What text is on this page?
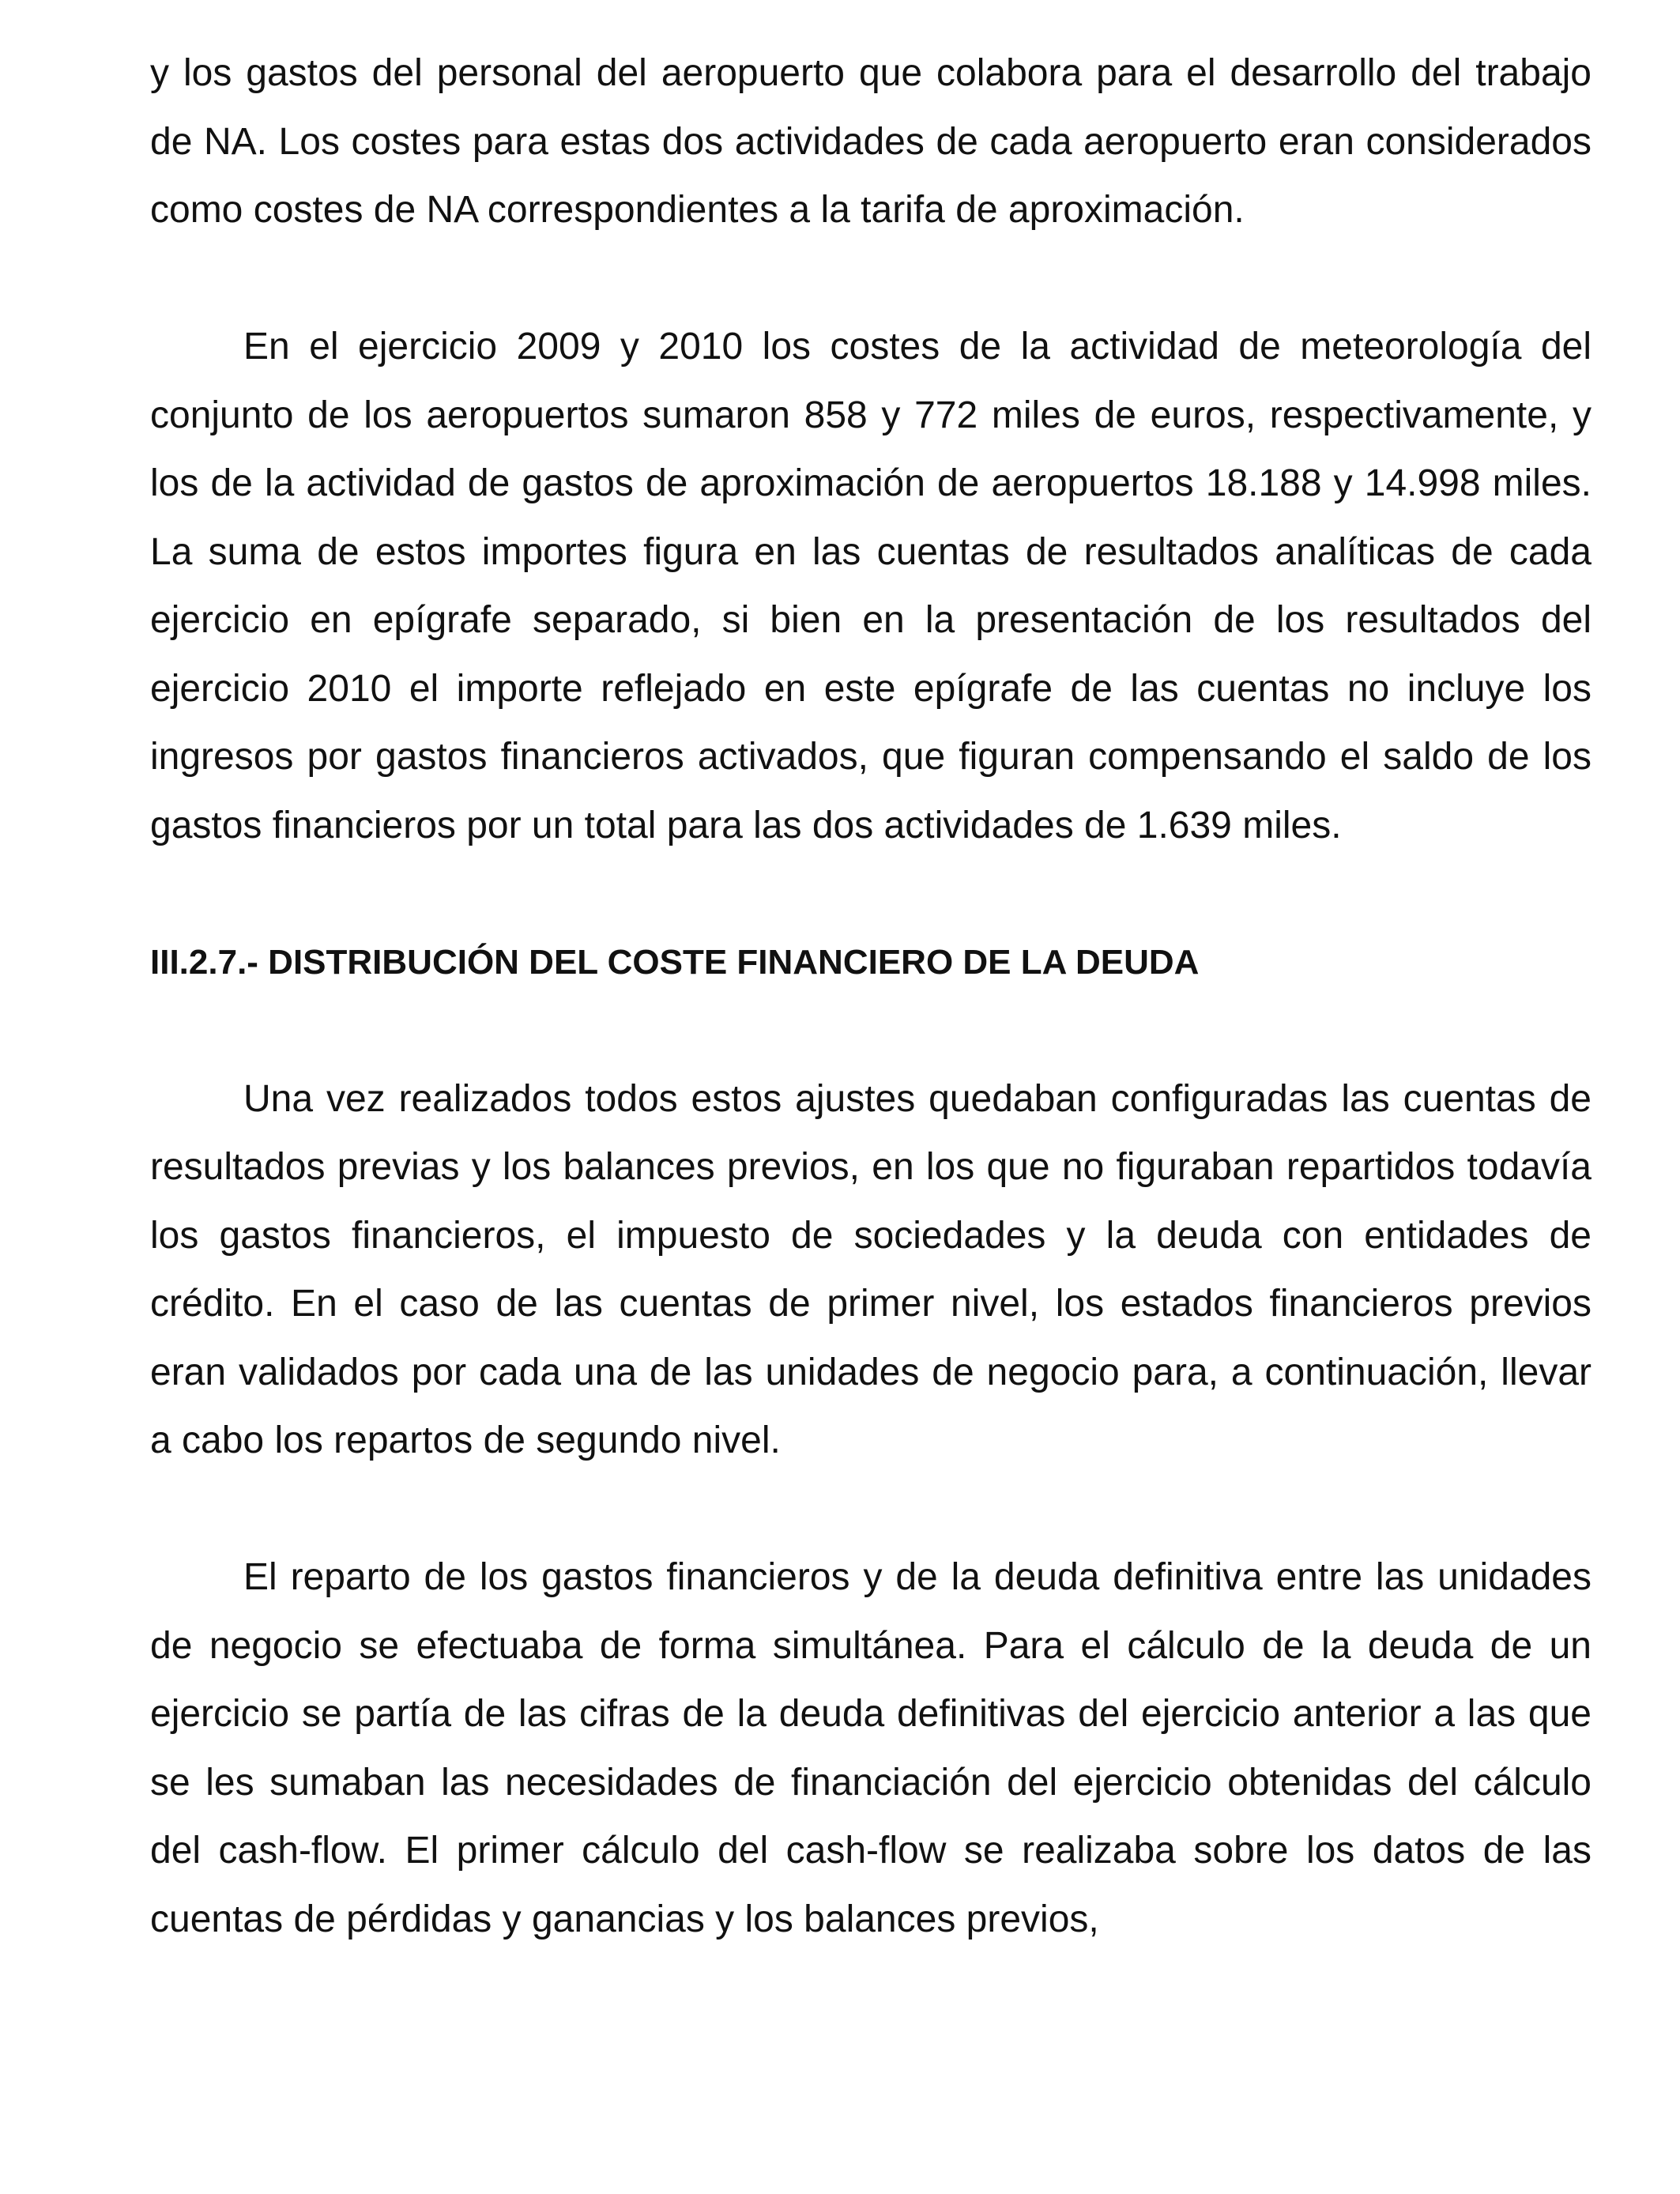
y los gastos del personal del aeropuerto que colabora para el desarrollo del trabajo de NA. Los costes para estas dos actividades de cada aeropuerto eran considerados como costes de NA correspondientes a la tarifa de aproximación.

En el ejercicio 2009 y 2010 los costes de la actividad de meteorología del conjunto de los aeropuertos sumaron 858 y 772 miles de euros, respectivamente, y los de la actividad de gastos de aproximación de aeropuertos 18.188 y 14.998 miles. La suma de estos importes figura en las cuentas de resultados analíticas de cada ejercicio en epígrafe separado, si bien en la presentación de los resultados del ejercicio 2010 el importe reflejado en este epígrafe de las cuentas no incluye los ingresos por gastos financieros activados, que figuran compensando el saldo de los gastos financieros por un total para las dos actividades de 1.639 miles.

III.2.7.- DISTRIBUCIÓN DEL COSTE FINANCIERO DE LA DEUDA

Una vez realizados todos estos ajustes quedaban configuradas las cuentas de resultados previas y los balances previos, en los que no figuraban repartidos todavía los gastos financieros, el impuesto de sociedades y la deuda con entidades de crédito. En el caso de las cuentas de primer nivel, los estados financieros previos eran validados por cada una de las unidades de negocio para, a continuación, llevar a cabo los repartos de segundo nivel.

El reparto de los gastos financieros y de la deuda definitiva entre las unidades de negocio se efectuaba de forma simultánea. Para el cálculo de la deuda de un ejercicio se partía de las cifras de la deuda definitivas del ejercicio anterior a las que se les sumaban las necesidades de financiación del ejercicio obtenidas del cálculo del cash-flow. El primer cálculo del cash-flow se realizaba sobre los datos de las cuentas de pérdidas y ganancias y los balances previos,
